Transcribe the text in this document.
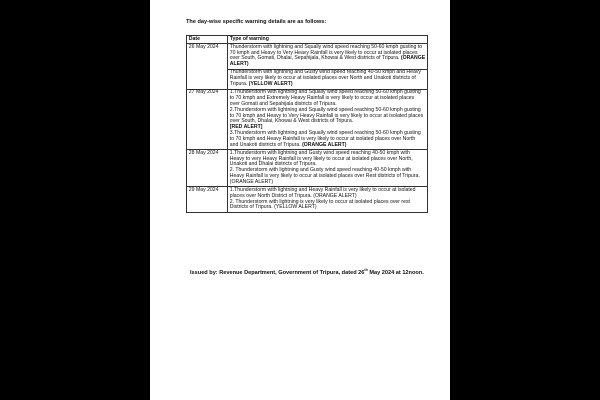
The day-wise specific warning details are as follows:
Date	Type of warning
26 May 2024	Thunderstorm with lightning and Squally wind speed reaching 50-60 kmph gusting to 70 kmph and Heavy to Very Heavy Rainfall is very likely to occur at isolated places over South, Gomati, Dhalai, Sepahijala, Khowai & West districts of Tripura. (ORANGE ALERT)
	Thunderstorm with lightning and Gusty wind speed reaching 40-50 kmph and Heavy Rainfall is very likely to occur at isolated places over North and Unakoti districts of Tripura. (YELLOW ALERT)
27 May 2024	1.Thunderstorm with lightning and Squally wind speed reaching 50-60 kmph gusting to 70 kmph and Extremely Heavy Rainfall is very likely to occur at isolated places over Gomati and Sepahijala districts of Tripura.
2.Thunderstorm with lightning and Squally wind speed reaching 50-60 kmph gusting to 70 kmph and Heavy to Very Heavy Rainfall is very likely to occur at isolated places over South, Dhalai, Khowai & West districts of Tripura.
[RED ALERT]
3.Thunderstorm with lightning and Squally wind speed reaching 50-60 kmph gusting to 70 kmph and Heavy Rainfall is very likely to occur at isolated places over North and Unakoti districts of Tripura. (ORANGE ALERT)

28 May 2024	1.Thunderstorm with lightning and Gusty wind speed reaching 40-50 kmph with Heavy to very Heavy Rainfall is very likely to occur at isolated places over North, Unakoti and Dhalai districts of Tripura.
2. Thunderstorm with lightning and Gusty wind speed reaching 40-50 kmph with Heavy Rainfall is very likely to occur at isolated places over Rest districts of Tripura. (ORANGE ALERT)

29 May 2024	1.Thunderstorm with lightning and Heavy Rainfall is very likely to occur at isolated places over North District of Tripura. (ORANGE ALERT)
2. Thunderstorm with lightning is very likely to occur at isolated places over rest Districts of Tripura. (YELLOW ALERT)
Issued by: Revenue Department, Government of Tripura, dated 26th May 2024 at 12noon.
